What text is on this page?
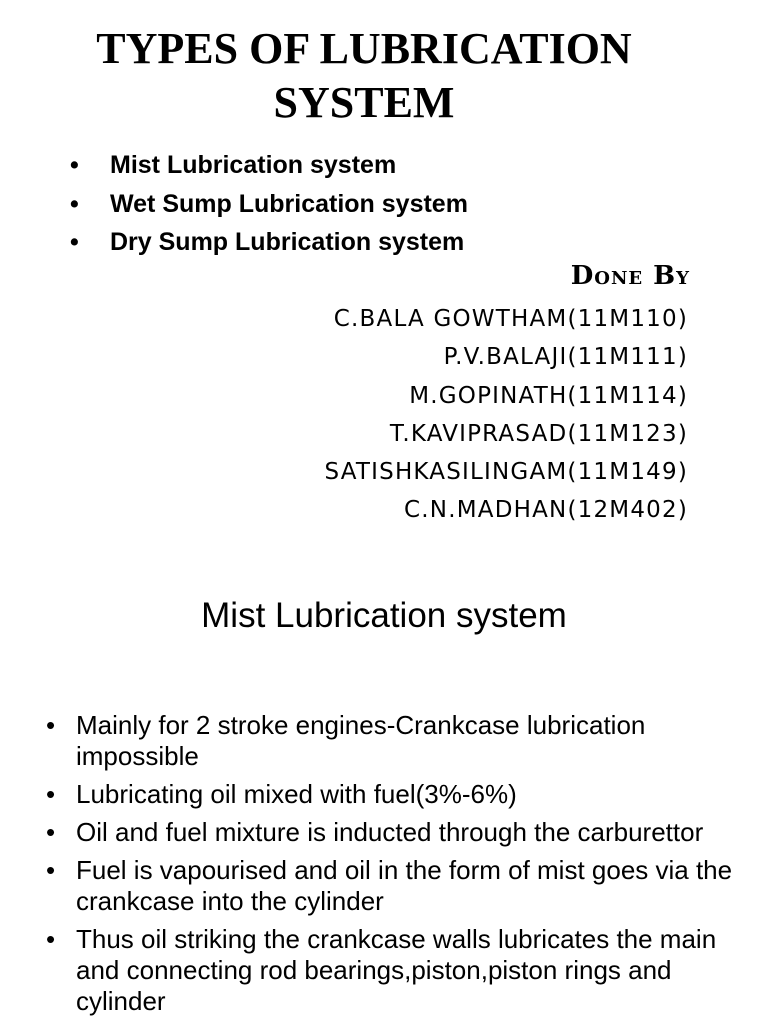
TYPES OF LUBRICATION
SYSTEM
• Mist Lubrication system
• Wet Sump Lubrication system
• Dry Sump Lubrication system

Done By

C.BALA GOWTHAM(11M110)
P.V.BALAJI(11M111)
M.GOPINATH(11M114)
T.KAVIPRASAD(11M123)
SATISHKASILINGAM(11M149)
C.N.MADHAN(12M402)
Mist Lubrication system
• Mainly for 2 stroke engines-Crankcase lubrication impossible
• Lubricating oil mixed with fuel(3%-6%)
• Oil and fuel mixture is inducted through the carburettor
• Fuel is vapourised and oil in the form of mist goes via the crankcase into the cylinder
• Thus oil striking the crankcase walls lubricates the main and connecting rod bearings,piston,piston rings and cylinder
